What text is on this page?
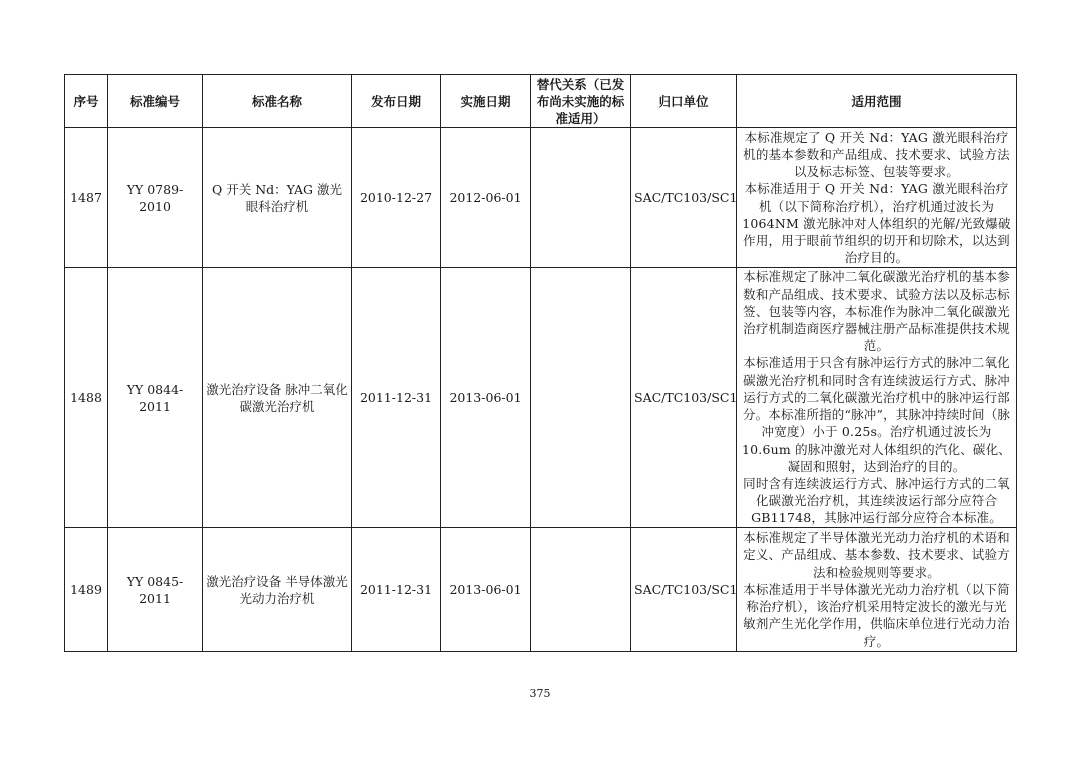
序号	标准编号	标准名称	发布日期	实施日期	替代关系（已发布尚未实施的标准适用）	归口单位	适用范围
1487	YY 0789-2010	Q 开关 Nd：YAG 激光眼科治疗机	2010-12-27	2012-06-01		SAC/TC103/SC1	本标准规定了 Q 开关 Nd：YAG 激光眼科治疗机的基本参数和产品组成、技术要求、试验方法以及标志标签、包装等要求。

本标准适用于 Q 开关 Nd：YAG 激光眼科治疗机（以下简称治疗机），治疗机通过波长为 1064NM 激光脉冲对人体组织的光解/光致爆破作用，用于眼前节组织的切开和切除术，以达到治疗目的。

1488	YY 0844-2011	激光治疗设备 脉冲二氧化碳激光治疗机	2011-12-31	2013-06-01		SAC/TC103/SC1	本标准规定了脉冲二氧化碳激光治疗机的基本参数和产品组成、技术要求、试验方法以及标志标签、包装等内容，本标准作为脉冲二氧化碳激光治疗机制造商医疗器械注册产品标准提供技术规范。

本标准适用于只含有脉冲运行方式的脉冲二氧化碳激光治疗机和同时含有连续波运行方式、脉冲运行方式的二氧化碳激光治疗机中的脉冲运行部分。本标准所指的“脉冲”，其脉冲持续时间（脉冲宽度）小于 0.25s。治疗机通过波长为 10.6um 的脉冲激光对人体组织的汽化、碳化、凝固和照射，达到治疗的目的。

同时含有连续波运行方式、脉冲运行方式的二氧化碳激光治疗机，其连续波运行部分应符合 GB11748，其脉冲运行部分应符合本标准。

1489	YY 0845-2011	激光治疗设备 半导体激光光动力治疗机	2011-12-31	2013-06-01		SAC/TC103/SC1	本标准规定了半导体激光光动力治疗机的术语和定义、产品组成、基本参数、技术要求、试验方法和检验规则等要求。

本标准适用于半导体激光光动力治疗机（以下简称治疗机），该治疗机采用特定波长的激光与光敏剂产生光化学作用，供临床单位进行光动力治疗。

375
